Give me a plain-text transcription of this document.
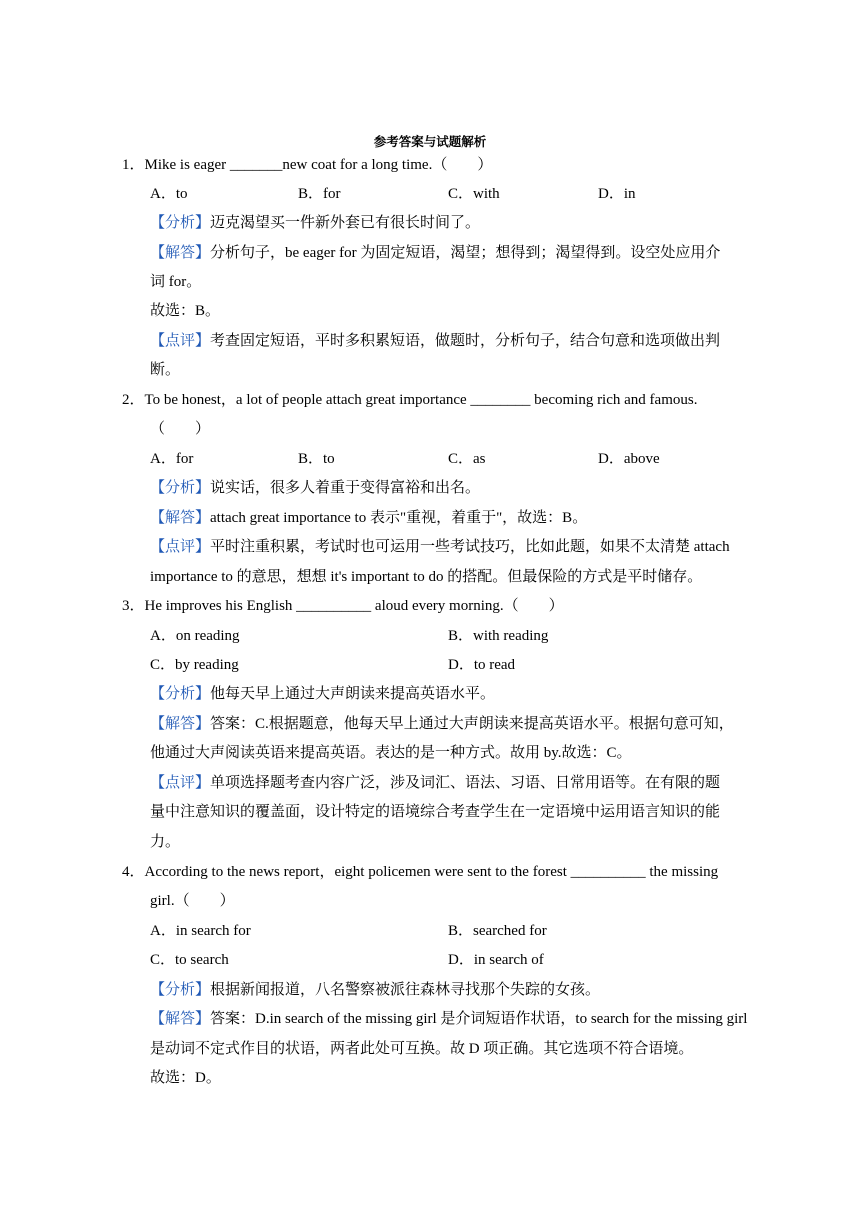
参考答案与试题解析
1．Mike is eager _______new coat for a long time.（　　）
A．to	B．for	C．with	D．in
【分析】迈克渴望买一件新外套已有很长时间了。
【解答】分析句子，be eager for 为固定短语，渴望；想得到；渴望得到。设空处应用介
词 for。
故选：B。
【点评】考查固定短语，平时多积累短语，做题时，分析句子，结合句意和选项做出判
断。
2．To be honest，a lot of people attach great importance ________ becoming rich and famous.
（　　）
A．for	B．to	C．as	D．above
【分析】说实话，很多人着重于变得富裕和出名。
【解答】attach great importance to 表示"重视，着重于"，故选：B。
【点评】平时注重积累，考试时也可运用一些考试技巧，比如此题，如果不太清楚 attach
importance to 的意思，想想 it's important to do 的搭配。但最保险的方式是平时储存。
3．He improves his English __________ aloud every morning.（　　）
A．on reading	B．with reading
C．by reading	D．to read
【分析】他每天早上通过大声朗读来提高英语水平。
【解答】答案：C.根据题意，他每天早上通过大声朗读来提高英语水平。根据句意可知，
他通过大声阅读英语来提高英语。表达的是一种方式。故用 by.故选：C。
【点评】单项选择题考查内容广泛，涉及词汇、语法、习语、日常用语等。在有限的题
量中注意知识的覆盖面，设计特定的语境综合考查学生在一定语境中运用语言知识的能
力。
4．According to the news report，eight policemen were sent to the forest __________ the missing
girl.（　　）
A．in search for	B．searched for
C．to search	D．in search of
【分析】根据新闻报道，八名警察被派往森林寻找那个失踪的女孩。
【解答】答案：D.in search of the missing girl 是介词短语作状语，to search for the missing girl
是动词不定式作目的状语，两者此处可互换。故 D 项正确。其它选项不符合语境。
故选：D。
